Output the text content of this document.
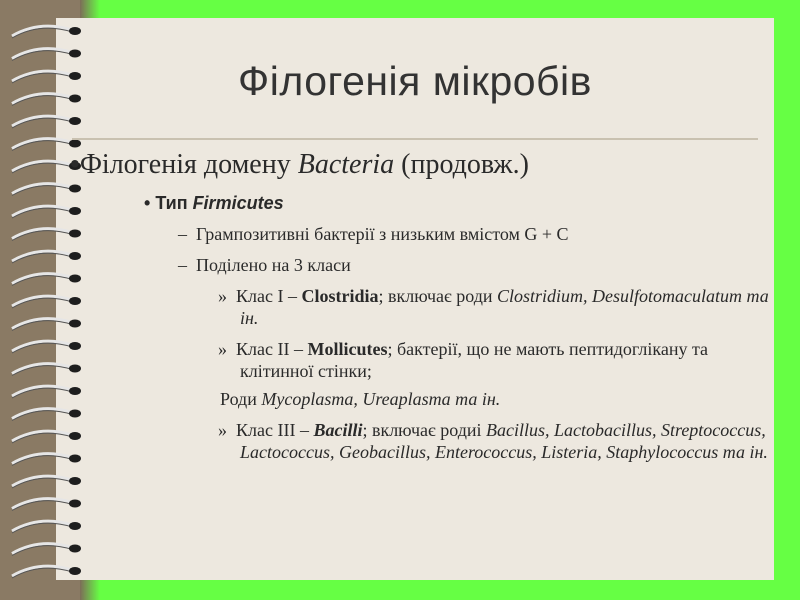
Філогенія мікробів
•Філогенія домену Bacteria (продовж.)
• Тип Firmicutes
– Грампозитивні бактерії з низьким вмістом G + C
– Поділено на 3 класи
» Клас I – Clostridia; включає роди Clostridium, Desulfotomaculatum та ін.
» Клас II – Mollicutes; бактерії, що не мають пептидоглікану та клітинної стінки;
Роди Mycoplasma, Ureaplasma та ін.
» Клас ІІІ – Bacilli; включає родиі Bacillus, Lactobacillus, Streptococcus, Lactococcus, Geobacillus, Enterococcus, Listeria, Staphylococcus та ін.
